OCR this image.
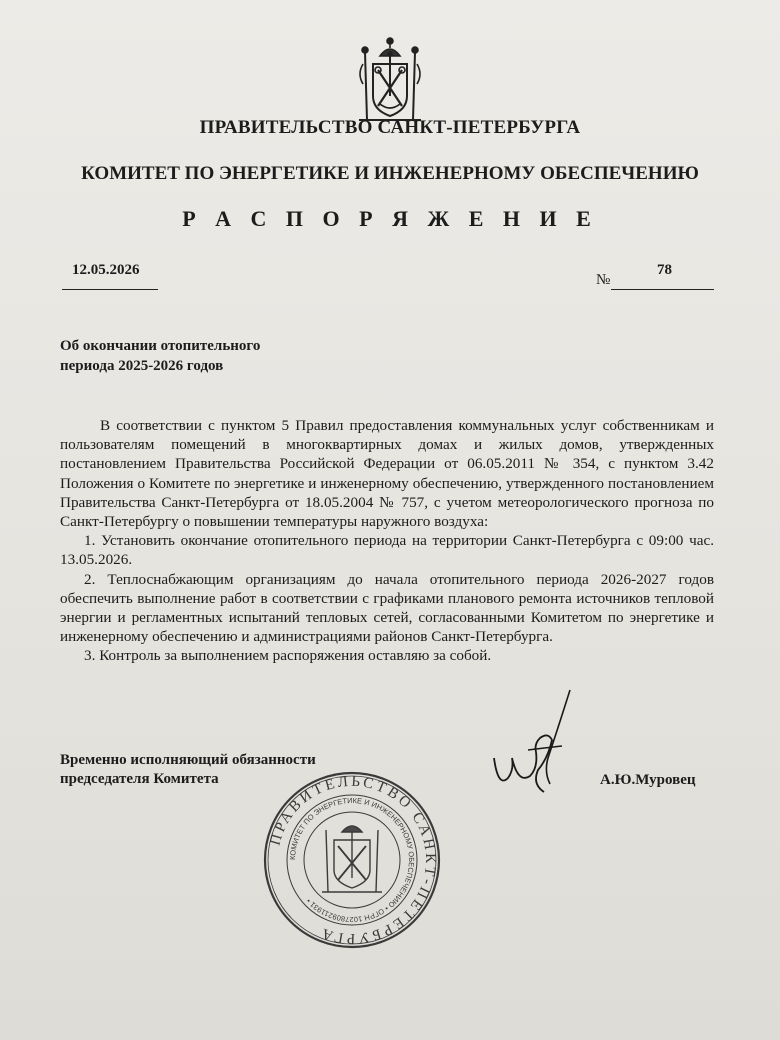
ПРАВИТЕЛЬСТВО САНКТ-ПЕТЕРБУРГА

КОМИТЕТ ПО ЭНЕРГЕТИКЕ И ИНЖЕНЕРНОМУ ОБЕСПЕЧЕНИЮ

Р А С П О Р Я Ж Е Н И Е

12.05.2026
№
78
Об окончании отопительного
периода 2025-2026 годов

В соответствии с пунктом 5 Правил предоставления коммунальных услуг собственникам и пользователям помещений в многоквартирных домах и жилых домов, утвержденных постановлением Правительства Российской Федерации от 06.05.2011 № 354, с пунктом 3.42 Положения о Комитете по энергетике и инженерному обеспечению, утвержденного постановлением Правительства Санкт-Петербурга от 18.05.2004 № 757, с учетом метеорологического прогноза по Санкт-Петербургу о повышении температуры наружного воздуха:

1. Установить окончание отопительного периода на территории Санкт-Петербурга с 09:00 час. 13.05.2026.

2. Теплоснабжающим организациям до начала отопительного периода 2026-2027 годов обеспечить выполнение работ в соответствии с графиками планового ремонта источников тепловой энергии и регламентных испытаний тепловых сетей, согласованными Комитетом по энергетике и инженерному обеспечению и администрациями районов Санкт-Петербурга.

3. Контроль за выполнением распоряжения оставляю за собой.

Временно исполняющий обязанности
председателя Комитета	А.Ю.Муровец
ПРАВИТЕЛЬСТВО САНКТ-ПЕТЕРБУРГА
КОМИТЕТ ПО ЭНЕРГЕТИКЕ И ИНЖЕНЕРНОМУ ОБЕСПЕЧЕНИЮ • ОГРН 1027809211931 •
